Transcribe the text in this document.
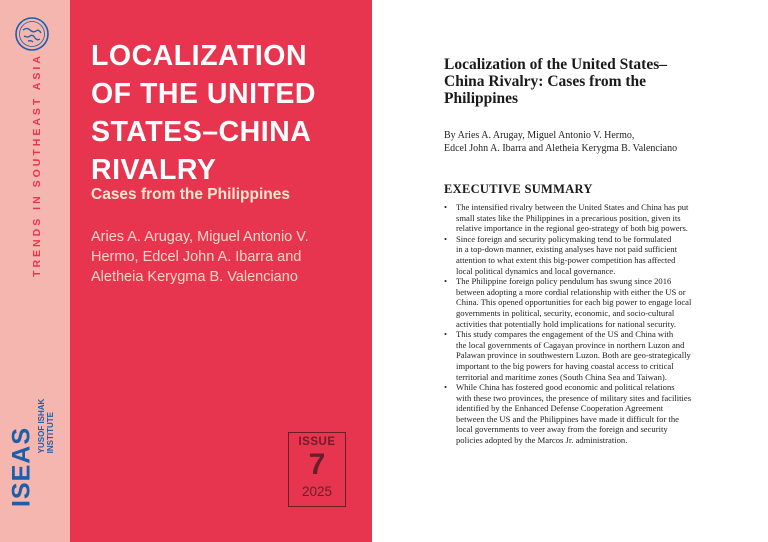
TRENDS IN SOUTHEAST ASIA
YUSOF ISHAK INSTITUTE
ISEAS
LOCALIZATION
OF THE UNITED
STATES–CHINA
RIVALRY
Cases from the Philippines
Aries A. Arugay, Miguel Antonio V.
Hermo, Edcel John A. Ibarra and
Aletheia Kerygma B. Valenciano
ISSUE
7
2025
Localization of the United States–
China Rivalry: Cases from the
Philippines
By Aries A. Arugay, Miguel Antonio V. Hermo,
Edcel John A. Ibarra and Aletheia Kerygma B. Valenciano
EXECUTIVE SUMMARY
• The intensified rivalry between the United States and China has put
small states like the Philippines in a precarious position, given its
relative importance in the regional geo-strategy of both big powers.
• Since foreign and security policymaking tend to be formulated
in a top-down manner, existing analyses have not paid sufficient
attention to what extent this big-power competition has affected
local political dynamics and local governance.
• The Philippine foreign policy pendulum has swung since 2016
between adopting a more cordial relationship with either the US or
China. This opened opportunities for each big power to engage local
governments in political, security, economic, and socio-cultural
activities that potentially hold implications for national security.
• This study compares the engagement of the US and China with
the local governments of Cagayan province in northern Luzon and
Palawan province in southwestern Luzon. Both are geo-strategically
important to the big powers for having coastal access to critical
territorial and maritime zones (South China Sea and Taiwan).
• While China has fostered good economic and political relations
with these two provinces, the presence of military sites and facilities
identified by the Enhanced Defense Cooperation Agreement
between the US and the Philippines have made it difficult for the
local governments to veer away from the foreign and security
policies adopted by the Marcos Jr. administration.
